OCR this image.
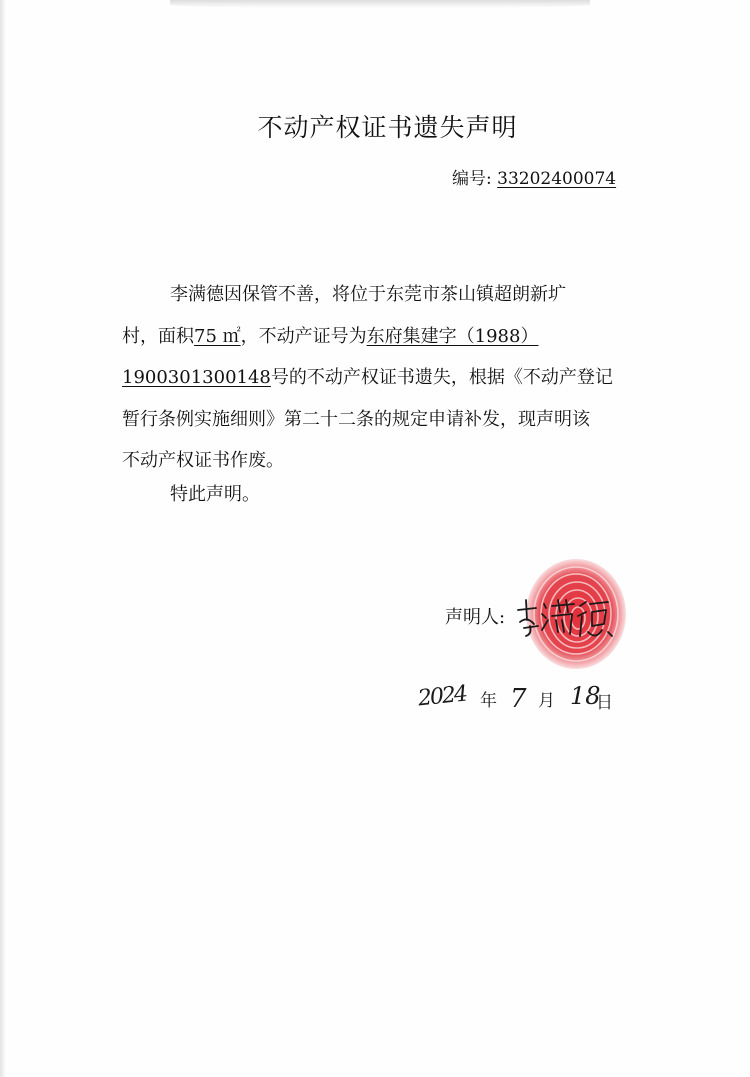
不动产权证书遗失声明
编号: 33202400074
李满德因保管不善，将位于东莞市茶山镇超朗新圹
村，面积75 ㎡，不动产证号为东府集建字（1988）
1900301300148号的不动产权证书遗失，根据《不动产登记
暂行条例实施细则》第二十二条的规定申请补发，现声明该
不动产权证书作废。
特此声明。
声明人:
2024 年 7 月 18
日
